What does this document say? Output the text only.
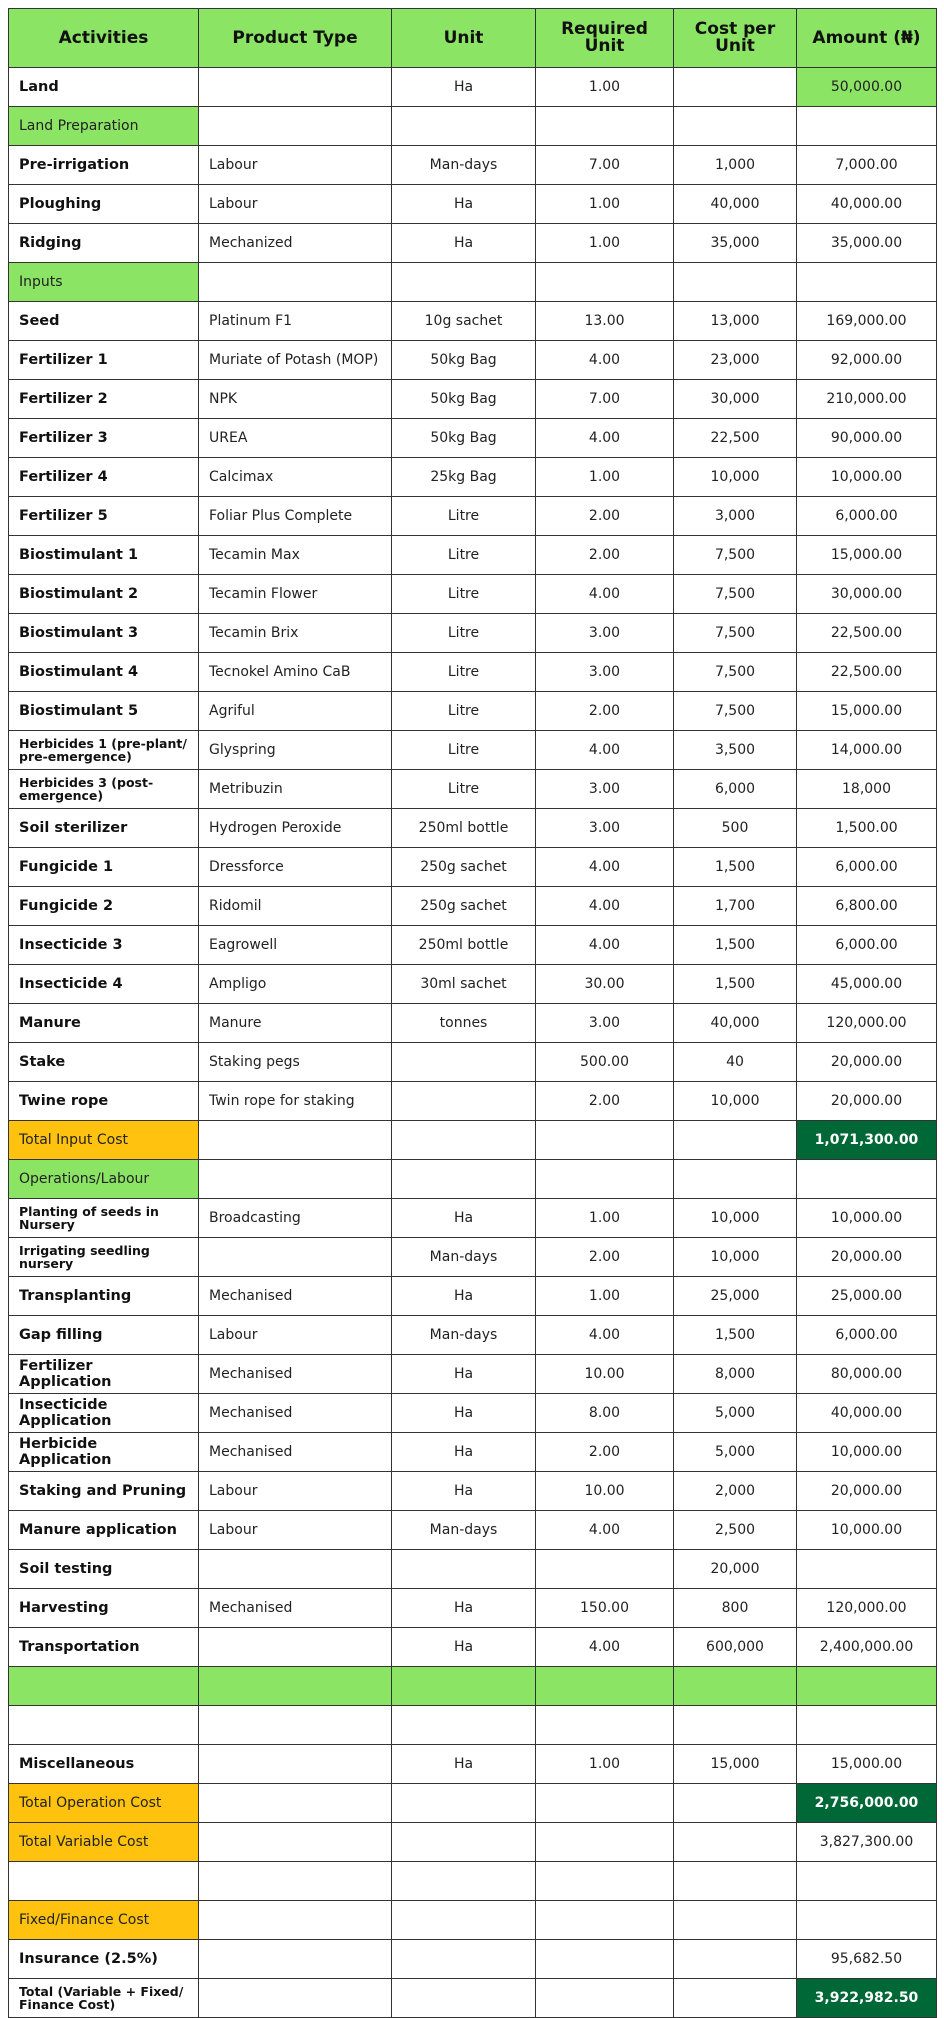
Activities	Product Type	Unit	Required Unit	Cost per Unit	Amount (₦)
Land		Ha	1.00		50,000.00
Land Preparation					
Pre-irrigation	Labour	Man-days	7.00	1,000	7,000.00
Ploughing	Labour	Ha	1.00	40,000	40,000.00
Ridging	Mechanized	Ha	1.00	35,000	35,000.00
Inputs					
Seed	Platinum F1	10g sachet	13.00	13,000	169,000.00
Fertilizer 1	Muriate of Potash (MOP)	50kg Bag	4.00	23,000	92,000.00
Fertilizer 2	NPK	50kg Bag	7.00	30,000	210,000.00
Fertilizer 3	UREA	50kg Bag	4.00	22,500	90,000.00
Fertilizer 4	Calcimax	25kg Bag	1.00	10,000	10,000.00
Fertilizer 5	Foliar Plus Complete	Litre	2.00	3,000	6,000.00
Biostimulant 1	Tecamin Max	Litre	2.00	7,500	15,000.00
Biostimulant 2	Tecamin Flower	Litre	4.00	7,500	30,000.00
Biostimulant 3	Tecamin Brix	Litre	3.00	7,500	22,500.00
Biostimulant 4	Tecnokel Amino CaB	Litre	3.00	7,500	22,500.00
Biostimulant 5	Agriful	Litre	2.00	7,500	15,000.00
Herbicides 1 (pre-plant/ pre-emergence)	Glyspring	Litre	4.00	3,500	14,000.00
Herbicides 3 (post-emergence)	Metribuzin	Litre	3.00	6,000	18,000
Soil sterilizer	Hydrogen Peroxide	250ml bottle	3.00	500	1,500.00
Fungicide 1	Dressforce	250g sachet	4.00	1,500	6,000.00
Fungicide 2	Ridomil	250g sachet	4.00	1,700	6,800.00
Insecticide 3	Eagrowell	250ml bottle	4.00	1,500	6,000.00
Insecticide 4	Ampligo	30ml sachet	30.00	1,500	45,000.00
Manure	Manure	tonnes	3.00	40,000	120,000.00
Stake	Staking pegs		500.00	40	20,000.00
Twine rope	Twin rope for staking		2.00	10,000	20,000.00
Total Input Cost					1,071,300.00
Operations/Labour					
Planting of seeds in Nursery	Broadcasting	Ha	1.00	10,000	10,000.00
Irrigating seedling nursery		Man-days	2.00	10,000	20,000.00
Transplanting	Mechanised	Ha	1.00	25,000	25,000.00
Gap filling	Labour	Man-days	4.00	1,500	6,000.00
Fertilizer Application	Mechanised	Ha	10.00	8,000	80,000.00
Insecticide Application	Mechanised	Ha	8.00	5,000	40,000.00
Herbicide Application	Mechanised	Ha	2.00	5,000	10,000.00
Staking and Pruning	Labour	Ha	10.00	2,000	20,000.00
Manure application	Labour	Man-days	4.00	2,500	10,000.00
Soil testing				20,000	
Harvesting	Mechanised	Ha	150.00	800	120,000.00
Transportation		Ha	4.00	600,000	2,400,000.00

Miscellaneous		Ha	1.00	15,000	15,000.00
Total Operation Cost					2,756,000.00
Total Variable Cost					3,827,300.00

Fixed/Finance Cost					
Insurance (2.5%)					95,682.50
Total (Variable + Fixed/ Finance Cost)					3,922,982.50
